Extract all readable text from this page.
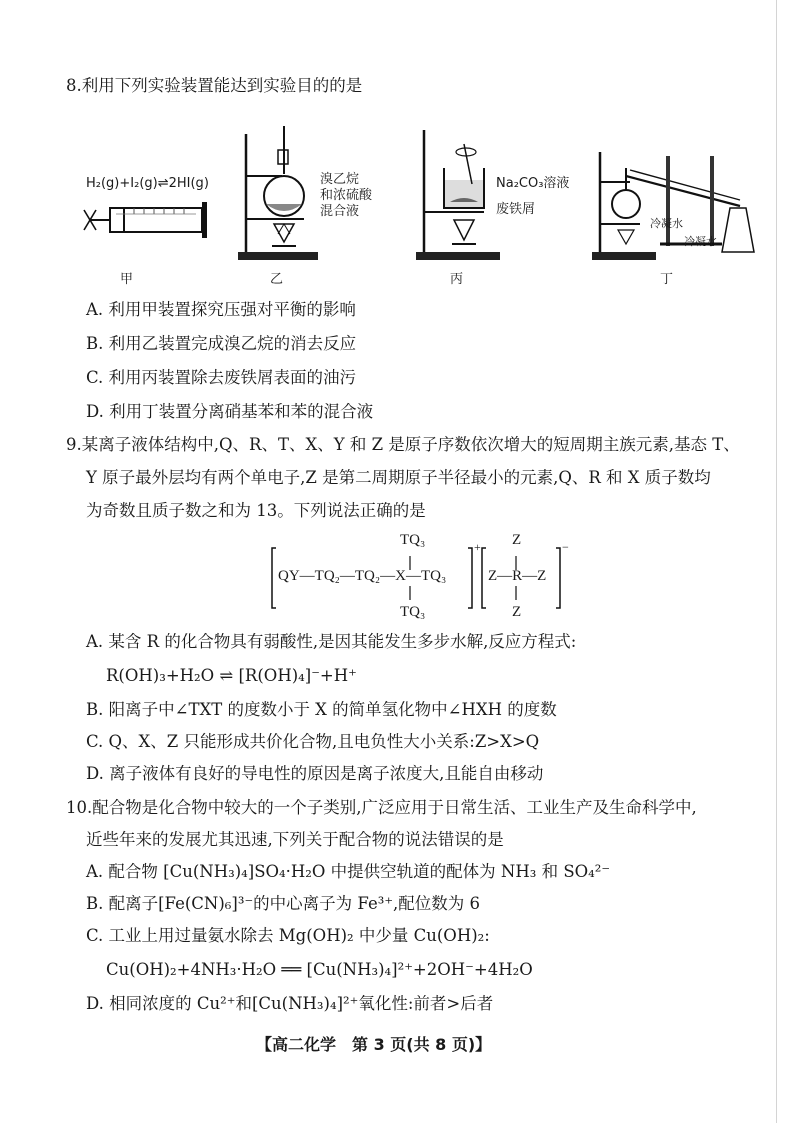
8.利用下列实验装置能达到实验目的的是
H₂(g)+I₂(g)⇌2HI(g)
甲
溴乙烷
和浓硫酸
混合液
乙
Na₂CO₃溶液
废铁屑
丙
冷凝水
冷凝水
丁
A. 利用甲装置探究压强对平衡的影响
B. 利用乙装置完成溴乙烷的消去反应
C. 利用丙装置除去废铁屑表面的油污
D. 利用丁装置分离硝基苯和苯的混合液
9.某离子液体结构中,Q、R、T、X、Y 和 Z 是原子序数依次增大的短周期主族元素,基态 T、
Y 原子最外层均有两个单电子,Z 是第二周期原子半径最小的元素,Q、R 和 X 质子数均
为奇数且质子数之和为 13。下列说法正确的是
TQ₃
QY—TQ₂—TQ₂—X—TQ₃
TQ₃
+ Z
Z—R—Z
Z
−
A. 某含 R 的化合物具有弱酸性,是因其能发生多步水解,反应方程式:
R(OH)₃+H₂O ⇌ [R(OH)₄]⁻+H⁺
B. 阳离子中∠TXT 的度数小于 X 的简单氢化物中∠HXH 的度数
C. Q、X、Z 只能形成共价化合物,且电负性大小关系:Z>X>Q
D. 离子液体有良好的导电性的原因是离子浓度大,且能自由移动
10.配合物是化合物中较大的一个子类别,广泛应用于日常生活、工业生产及生命科学中,
近些年来的发展尤其迅速,下列关于配合物的说法错误的是
A. 配合物 [Cu(NH₃)₄]SO₄·H₂O 中提供空轨道的配体为 NH₃ 和 SO₄²⁻
B. 配离子[Fe(CN)₆]³⁻的中心离子为 Fe³⁺,配位数为 6
C. 工业上用过量氨水除去 Mg(OH)₂ 中少量 Cu(OH)₂:
Cu(OH)₂+4NH₃·H₂O ══ [Cu(NH₃)₄]²⁺+2OH⁻+4H₂O
D. 相同浓度的 Cu²⁺和[Cu(NH₃)₄]²⁺氧化性:前者>后者
【高二化学　第 3 页(共 8 页)】
